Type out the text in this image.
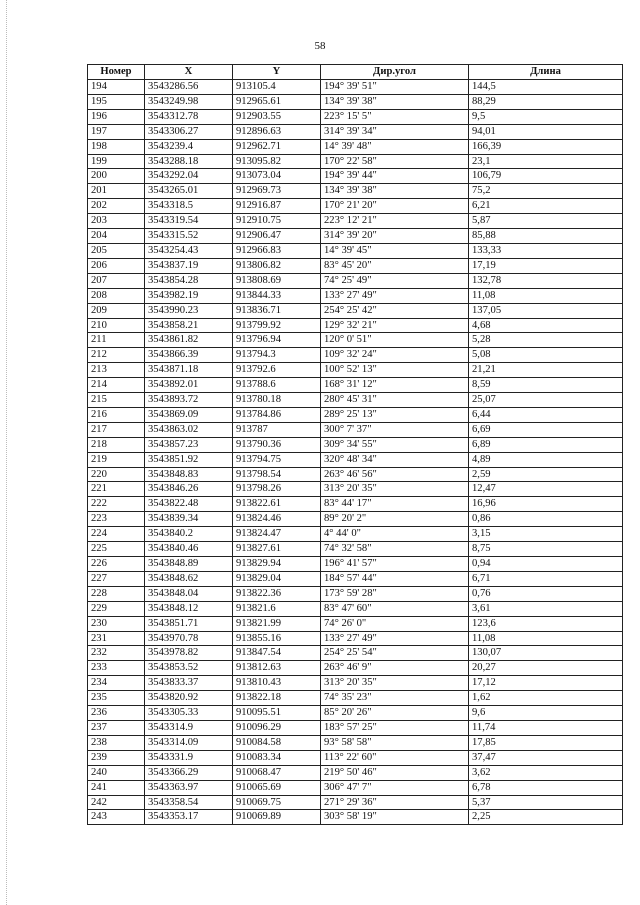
58
Номер	X	Y	Дир.угол	Длина
194	3543286.56	913105.4	194° 39' 51"	144,5
195	3543249.98	912965.61	134° 39' 38"	88,29
196	3543312.78	912903.55	223° 15' 5"	9,5
197	3543306.27	912896.63	314° 39' 34"	94,01
198	3543239.4	912962.71	14° 39' 48"	166,39
199	3543288.18	913095.82	170° 22' 58"	23,1
200	3543292.04	913073.04	194° 39' 44"	106,79
201	3543265.01	912969.73	134° 39' 38"	75,2
202	3543318.5	912916.87	170° 21' 20"	6,21
203	3543319.54	912910.75	223° 12' 21"	5,87
204	3543315.52	912906.47	314° 39' 20"	85,88
205	3543254.43	912966.83	14° 39' 45"	133,33
206	3543837.19	913806.82	83° 45' 20"	17,19
207	3543854.28	913808.69	74° 25' 49"	132,78
208	3543982.19	913844.33	133° 27' 49"	11,08
209	3543990.23	913836.71	254° 25' 42"	137,05
210	3543858.21	913799.92	129° 32' 21"	4,68
211	3543861.82	913796.94	120° 0' 51"	5,28
212	3543866.39	913794.3	109° 32' 24"	5,08
213	3543871.18	913792.6	100° 52' 13"	21,21
214	3543892.01	913788.6	168° 31' 12"	8,59
215	3543893.72	913780.18	280° 45' 31"	25,07
216	3543869.09	913784.86	289° 25' 13"	6,44
217	3543863.02	913787	300° 7' 37"	6,69
218	3543857.23	913790.36	309° 34' 55"	6,89
219	3543851.92	913794.75	320° 48' 34"	4,89
220	3543848.83	913798.54	263° 46' 56"	2,59
221	3543846.26	913798.26	313° 20' 35"	12,47
222	3543822.48	913822.61	83° 44' 17"	16,96
223	3543839.34	913824.46	89° 20' 2"	0,86
224	3543840.2	913824.47	4° 44' 0"	3,15
225	3543840.46	913827.61	74° 32' 58"	8,75
226	3543848.89	913829.94	196° 41' 57"	0,94
227	3543848.62	913829.04	184° 57' 44"	6,71
228	3543848.04	913822.36	173° 59' 28"	0,76
229	3543848.12	913821.6	83° 47' 60"	3,61
230	3543851.71	913821.99	74° 26' 0"	123,6
231	3543970.78	913855.16	133° 27' 49"	11,08
232	3543978.82	913847.54	254° 25' 54"	130,07
233	3543853.52	913812.63	263° 46' 9"	20,27
234	3543833.37	913810.43	313° 20' 35"	17,12
235	3543820.92	913822.18	74° 35' 23"	1,62
236	3543305.33	910095.51	85° 20' 26"	9,6
237	3543314.9	910096.29	183° 57' 25"	11,74
238	3543314.09	910084.58	93° 58' 58"	17,85
239	3543331.9	910083.34	113° 22' 60"	37,47
240	3543366.29	910068.47	219° 50' 46"	3,62
241	3543363.97	910065.69	306° 47' 7"	6,78
242	3543358.54	910069.75	271° 29' 36"	5,37
243	3543353.17	910069.89	303° 58' 19"	2,25
